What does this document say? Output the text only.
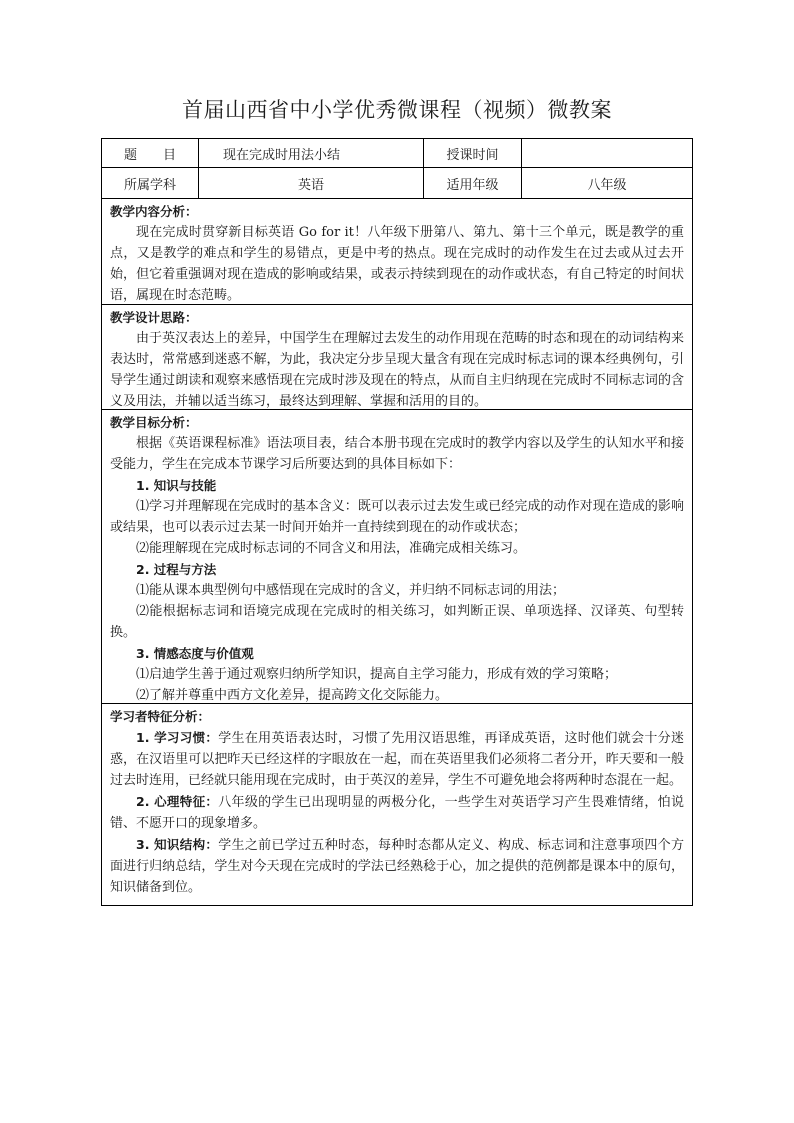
首届山西省中小学优秀微课程（视频）微教案
题　　目	现在完成时用法小结	授课时间
所属学科	英语	适用年级	八年级
教学内容分析：
现在完成时贯穿新目标英语 Go for it！八年级下册第八、第九、第十三个单元，既是教学的重点，又是教学的难点和学生的易错点，更是中考的热点。现在完成时的动作发生在过去或从过去开始，但它着重强调对现在造成的影响或结果，或表示持续到现在的动作或状态，有自己特定的时间状语，属现在时态范畴。
教学设计思路：
由于英汉表达上的差异，中国学生在理解过去发生的动作用现在范畴的时态和现在的动词结构来表达时，常常感到迷惑不解，为此，我决定分步呈现大量含有现在完成时标志词的课本经典例句，引导学生通过朗读和观察来感悟现在完成时涉及现在的特点，从而自主归纳现在完成时不同标志词的含义及用法，并辅以适当练习，最终达到理解、掌握和活用的目的。
教学目标分析：
根据《英语课程标准》语法项目表，结合本册书现在完成时的教学内容以及学生的认知水平和接受能力，学生在完成本节课学习后所要达到的具体目标如下：
1. 知识与技能
⑴学习并理解现在完成时的基本含义：既可以表示过去发生或已经完成的动作对现在造成的影响或结果，也可以表示过去某一时间开始并一直持续到现在的动作或状态；
⑵能理解现在完成时标志词的不同含义和用法，准确完成相关练习。
2. 过程与方法
⑴能从课本典型例句中感悟现在完成时的含义，并归纳不同标志词的用法；
⑵能根据标志词和语境完成现在完成时的相关练习，如判断正误、单项选择、汉译英、句型转换。
3. 情感态度与价值观
⑴启迪学生善于通过观察归纳所学知识，提高自主学习能力，形成有效的学习策略；
⑵了解并尊重中西方文化差异，提高跨文化交际能力。
学习者特征分析：
1. 学习习惯：学生在用英语表达时，习惯了先用汉语思维，再译成英语，这时他们就会十分迷惑，在汉语里可以把昨天已经这样的字眼放在一起，而在英语里我们必须将二者分开，昨天要和一般过去时连用，已经就只能用现在完成时，由于英汉的差异，学生不可避免地会将两种时态混在一起。
2. 心理特征：八年级的学生已出现明显的两极分化，一些学生对英语学习产生畏难情绪，怕说错、不愿开口的现象增多。
3. 知识结构：学生之前已学过五种时态，每种时态都从定义、构成、标志词和注意事项四个方面进行归纳总结，学生对今天现在完成时的学法已经熟稔于心，加之提供的范例都是课本中的原句，知识储备到位。
